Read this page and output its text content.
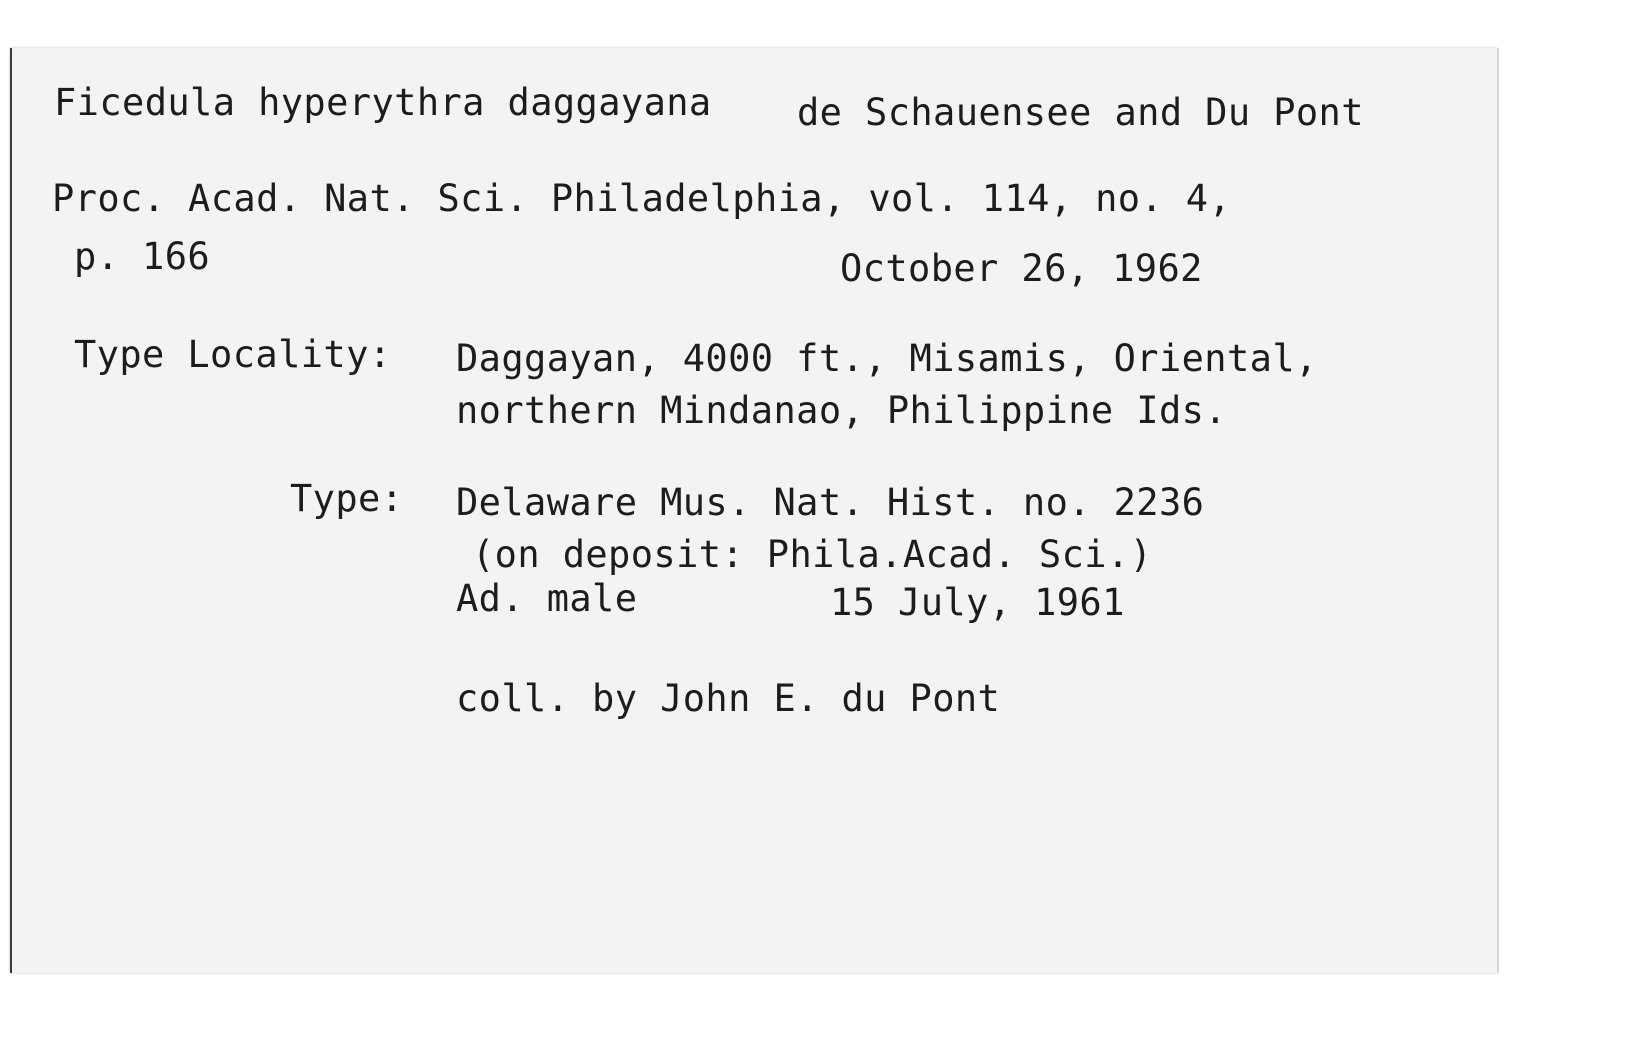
Ficedula hyperythra daggayana de Schauensee and Du Pont
Proc. Acad. Nat. Sci. Philadelphia, vol. 114, no. 4,
p. 166	October 26, 1962
Type Locality: Daggayan, 4000 ft., Misamis, Oriental,
northern Mindanao, Philippine Ids.
Type: Delaware Mus. Nat. Hist. no. 2236
(on deposit: Phila.Acad. Sci.)
Ad. male	15 July, 1961
coll. by John E. du Pont
